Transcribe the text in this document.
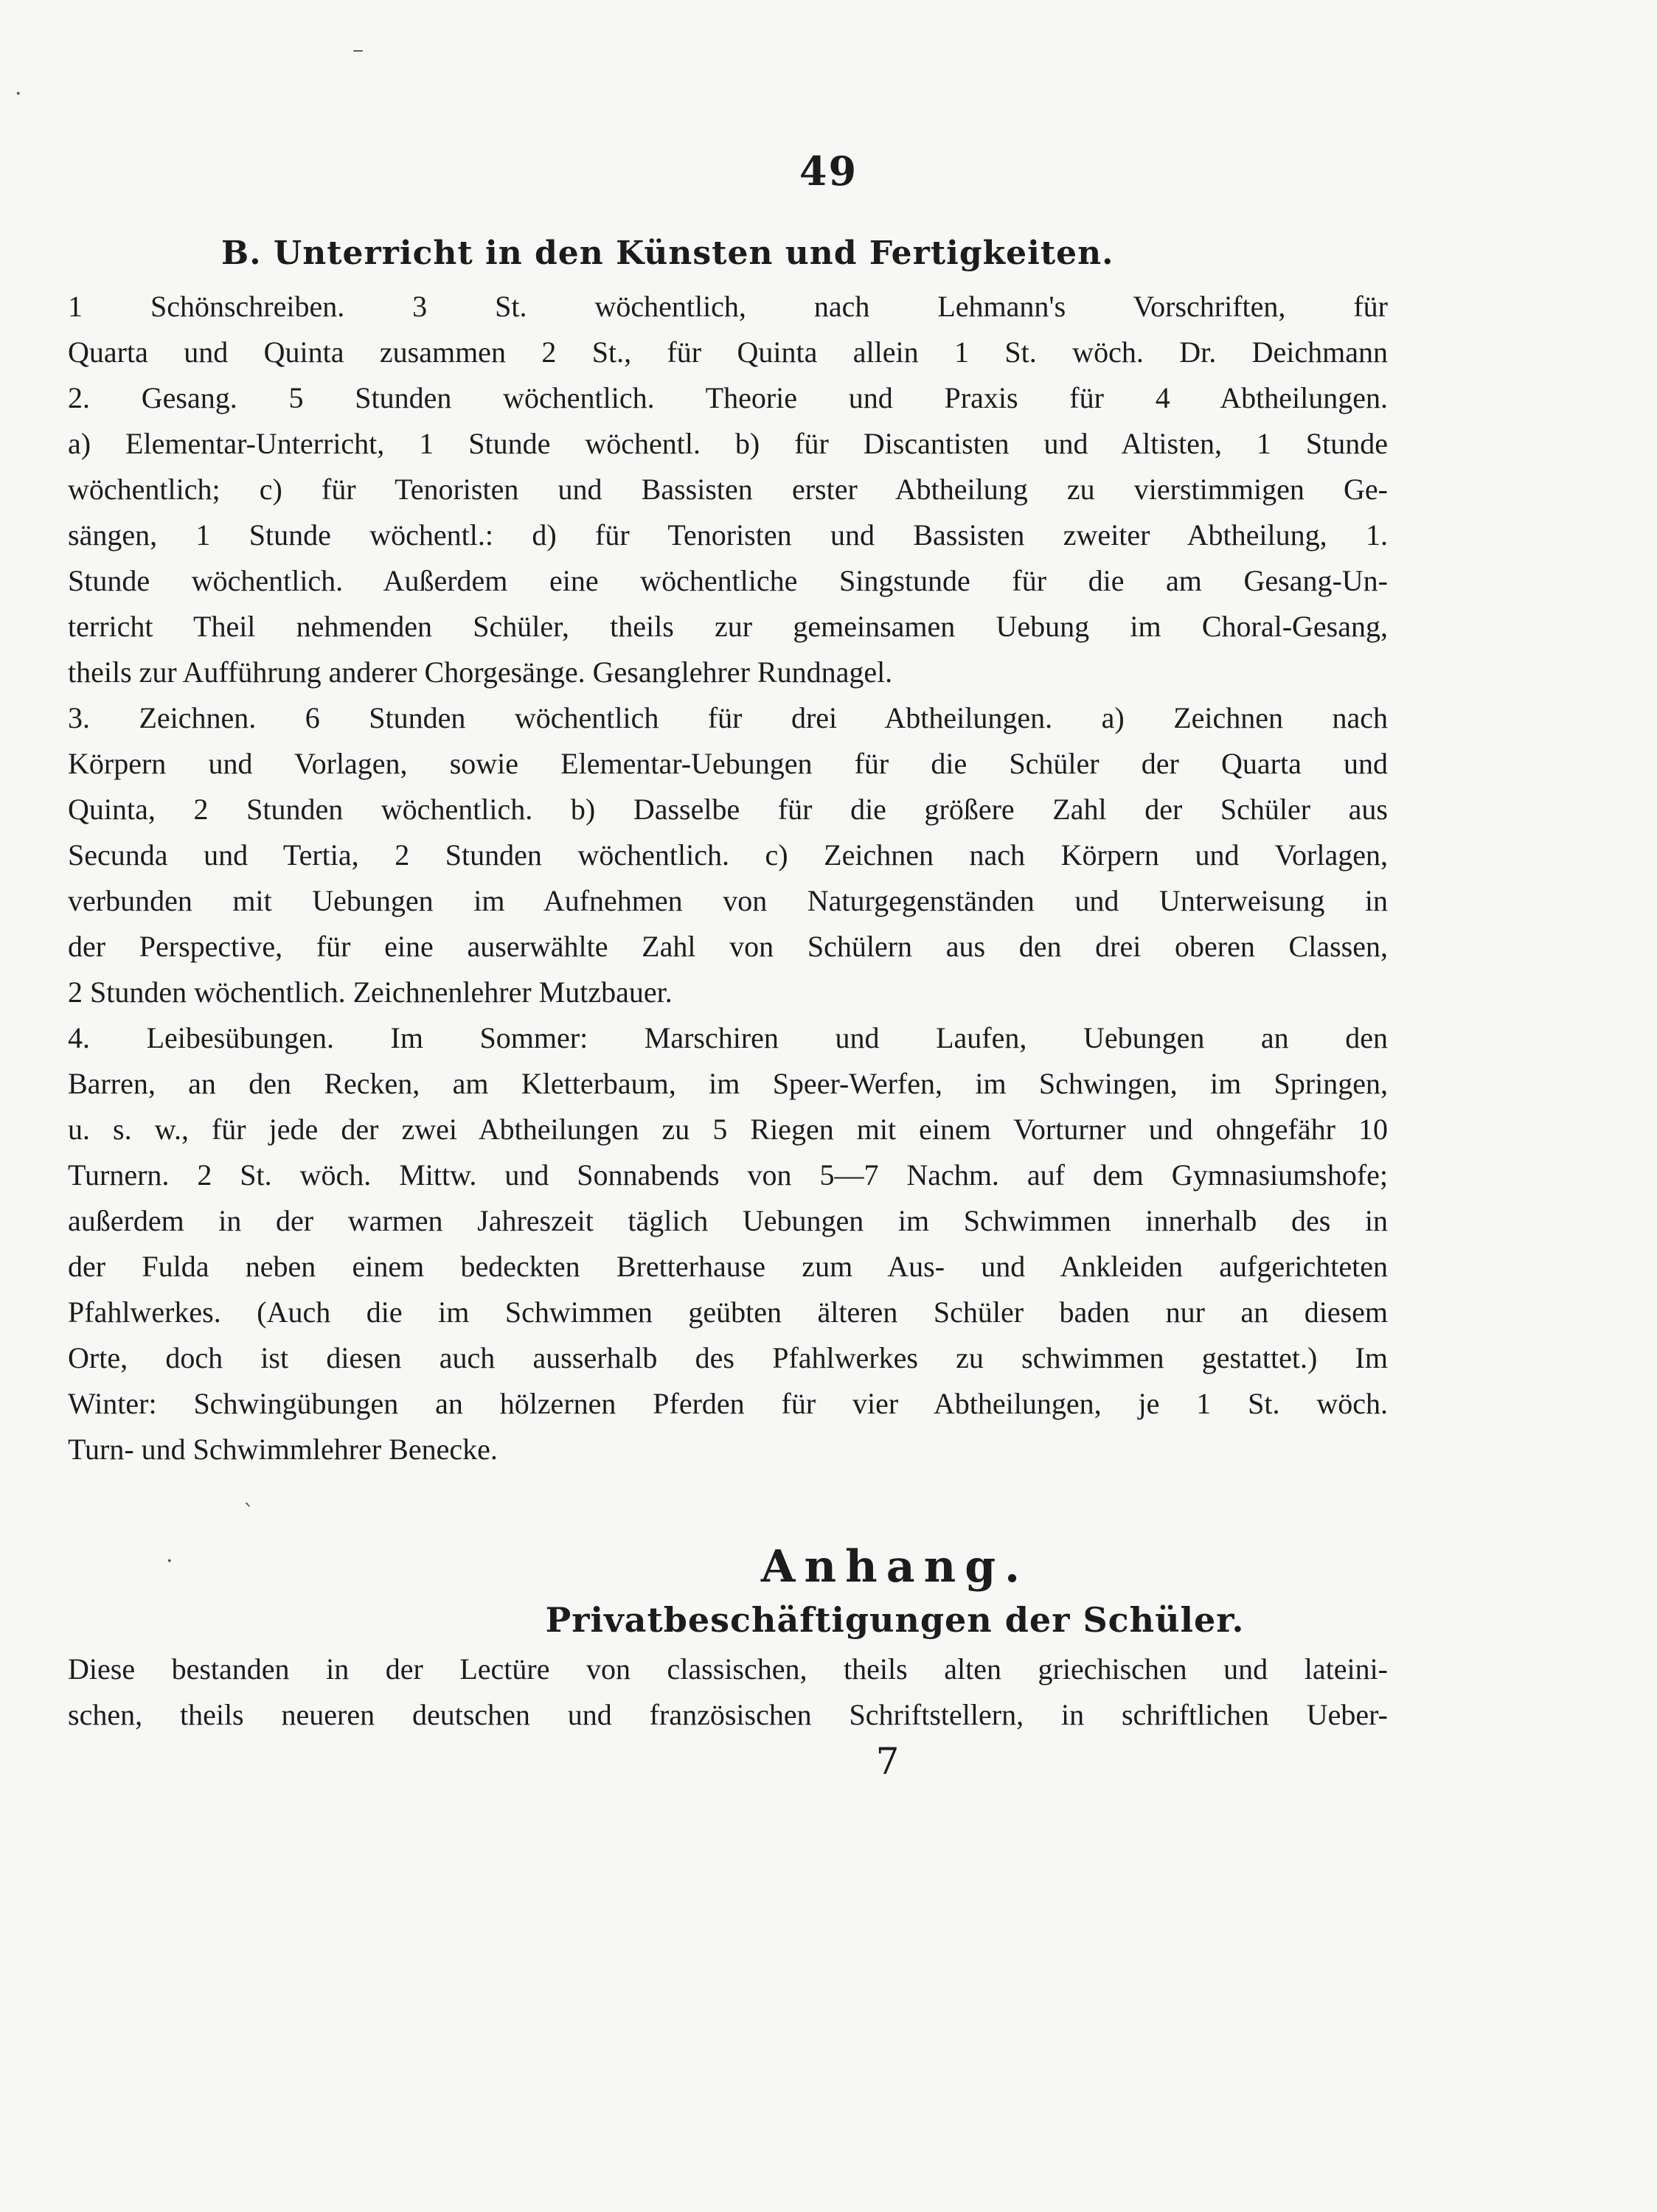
–
·
49
B. Unterricht in den Künsten und Fertigkeiten.
1 Schönschreiben. 3 St. wöchentlich, nach Lehmann's Vorschriften, für
Quarta und Quinta zusammen 2 St., für Quinta allein 1 St. wöch. Dr. Deichmann
2. Gesang. 5 Stunden wöchentlich. Theorie und Praxis für 4 Abtheilungen.
a) Elementar-Unterricht, 1 Stunde wöchentl. b) für Discantisten und Altisten, 1 Stunde
wöchentlich; c) für Tenoristen und Bassisten erster Abtheilung zu vierstimmigen Ge-
sängen, 1 Stunde wöchentl.: d) für Tenoristen und Bassisten zweiter Abtheilung, 1.
Stunde wöchentlich. Außerdem eine wöchentliche Singstunde für die am Gesang-Un-
terricht Theil nehmenden Schüler, theils zur gemeinsamen Uebung im Choral-Gesang,
theils zur Aufführung anderer Chorgesänge. Gesanglehrer Rundnagel.
3. Zeichnen. 6 Stunden wöchentlich für drei Abtheilungen. a) Zeichnen nach
Körpern und Vorlagen, sowie Elementar-Uebungen für die Schüler der Quarta und
Quinta, 2 Stunden wöchentlich. b) Dasselbe für die größere Zahl der Schüler aus
Secunda und Tertia, 2 Stunden wöchentlich. c) Zeichnen nach Körpern und Vorlagen,
verbunden mit Uebungen im Aufnehmen von Naturgegenständen und Unterweisung in
der Perspective, für eine auserwählte Zahl von Schülern aus den drei oberen Classen,
2 Stunden wöchentlich. Zeichnenlehrer Mutzbauer.
4. Leibesübungen. Im Sommer: Marschiren und Laufen, Uebungen an den
Barren, an den Recken, am Kletterbaum, im Speer-Werfen, im Schwingen, im Springen,
u. s. w., für jede der zwei Abtheilungen zu 5 Riegen mit einem Vorturner und ohngefähr 10
Turnern. 2 St. wöch. Mittw. und Sonnabends von 5—7 Nachm. auf dem Gymnasiumshofe;
außerdem in der warmen Jahreszeit täglich Uebungen im Schwimmen innerhalb des in
der Fulda neben einem bedeckten Bretterhause zum Aus- und Ankleiden aufgerichteten
Pfahlwerkes. (Auch die im Schwimmen geübten älteren Schüler baden nur an diesem
Orte, doch ist diesen auch ausserhalb des Pfahlwerkes zu schwimmen gestattet.) Im
Winter: Schwingübungen an hölzernen Pferden für vier Abtheilungen, je 1 St. wöch.
Turn- und Schwimmlehrer Benecke.
`
·	Anhang.
Privatbeschäftigungen der Schüler.
Diese bestanden in der Lectüre von classischen, theils alten griechischen und lateini-
schen, theils neueren deutschen und französischen Schriftstellern, in schriftlichen Ueber-
7
